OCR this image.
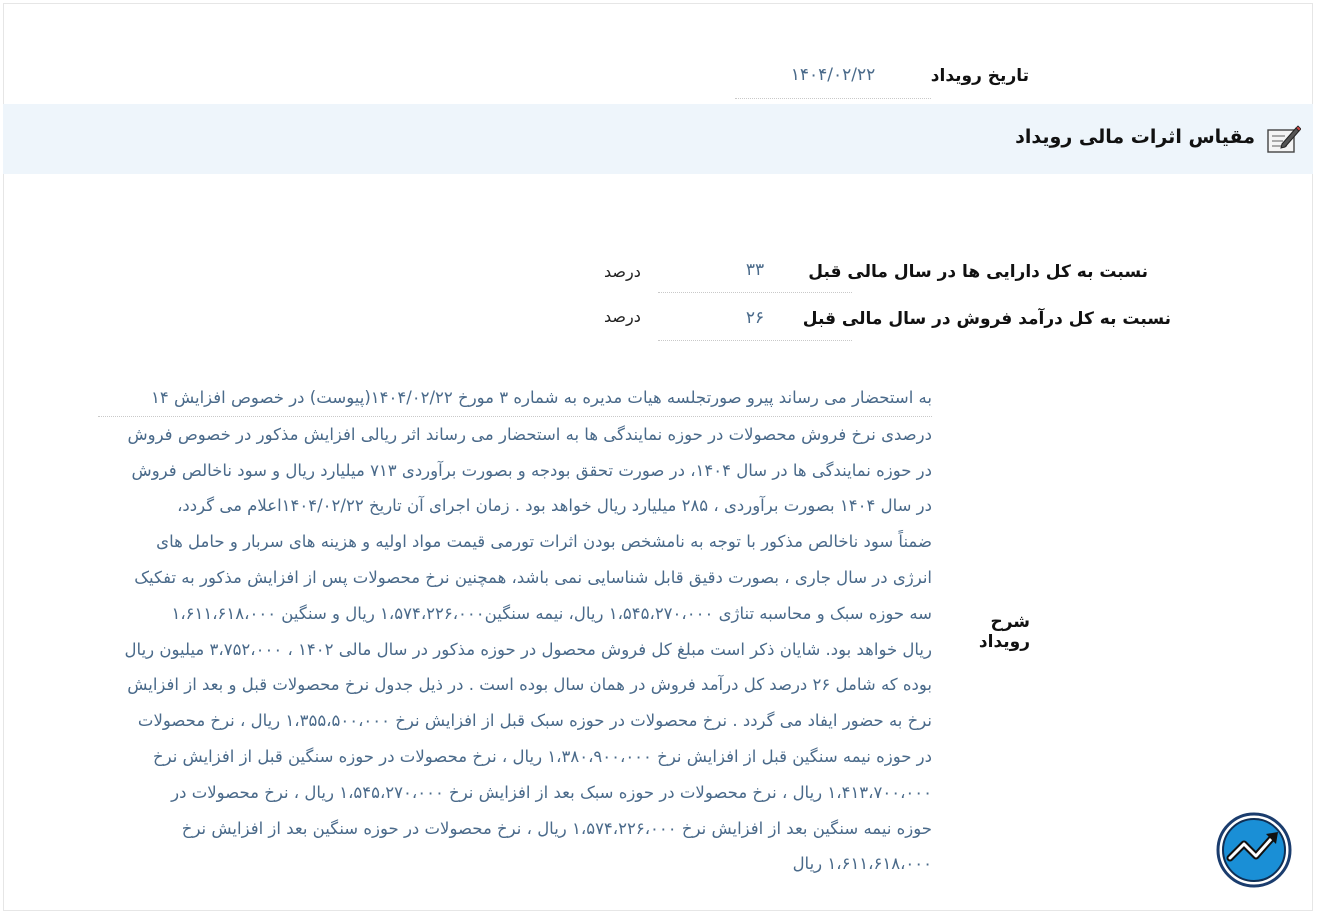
۱۴۰۴/۰۲/۲۲	تاریخ رویداد
مقیاس اثرات مالی رویداد
درصد	۳۳	نسبت به کل دارایی ها در سال مالی قبل
درصد	۲۶	نسبت به کل درآمد فروش در سال مالی قبل
شرح رویداد
به استحضار می رساند پیرو صورتجلسه هیات مدیره به شماره ۳ مورخ ۱۴۰۴/۰۲/۲۲(پیوست) در خصوص افزایش ۱۴
درصدی نرخ فروش محصولات در حوزه نمایندگی ها به استحضار می رساند اثر ریالی افزایش مذکور در خصوص فروش
در حوزه نمایندگی ها در سال ۱۴۰۴، در صورت تحقق بودجه و بصورت برآوردی ۷۱۳ میلیارد ریال و سود ناخالص فروش
در سال ۱۴۰۴ بصورت برآوردی ، ۲۸۵ میلیارد ریال خواهد بود . زمان اجرای آن تاریخ ۱۴۰۴/۰۲/۲۲اعلام می گردد،
ضمناً سود ناخالص مذکور با توجه به نامشخص بودن اثرات تورمی قیمت مواد اولیه و هزینه های سربار و حامل های
انرژی در سال جاری ، بصورت دقیق قابل شناسایی نمی باشد، همچنین نرخ محصولات پس از افزایش مذکور به تفکیک
سه حوزه سبک و محاسبه تناژی ۱،۵۴۵،۲۷۰،۰۰۰ ریال، نیمه سنگین۱،۵۷۴،۲۲۶،۰۰۰ ریال و سنگین ۱،۶۱۱،۶۱۸،۰۰۰
ریال خواهد بود. شایان ذکر است مبلغ کل فروش محصول در حوزه مذکور در سال مالی ۱۴۰۲ ، ۳،۷۵۲،۰۰۰ میلیون ریال
بوده که شامل ۲۶ درصد کل درآمد فروش در همان سال بوده است . در ذیل جدول نرخ محصولات قبل و بعد از افزایش
نرخ به حضور ایفاد می گردد . نرخ محصولات در حوزه سبک قبل از افزایش نرخ ۱،۳۵۵،۵۰۰،۰۰۰ ریال ، نرخ محصولات
در حوزه نیمه سنگین قبل از افزایش نرخ ۱،۳۸۰،۹۰۰،۰۰۰ ریال ، نرخ محصولات در حوزه سنگین قبل از افزایش نرخ
۱،۴۱۳،۷۰۰،۰۰۰ ریال ، نرخ محصولات در حوزه سبک بعد از افزایش نرخ ۱،۵۴۵،۲۷۰،۰۰۰ ریال ، نرخ محصولات در
حوزه نیمه سنگین بعد از افزایش نرخ ۱،۵۷۴،۲۲۶،۰۰۰ ریال ، نرخ محصولات در حوزه سنگین بعد از افزایش نرخ
۱،۶۱۱،۶۱۸،۰۰۰ ریال
